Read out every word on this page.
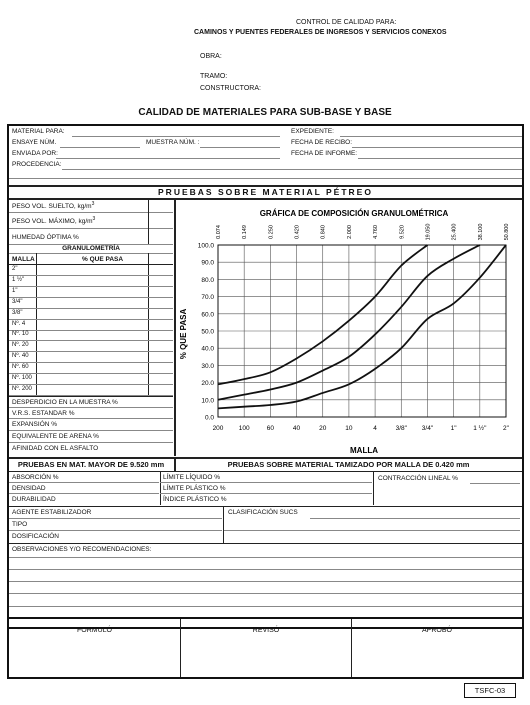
CONTROL DE CALIDAD PARA:
CAMINOS Y PUENTES FEDERALES DE INGRESOS Y SERVICIOS CONEXOS
OBRA:
TRAMO:
CONSTRUCTORA:
CALIDAD DE MATERIALES PARA SUB-BASE Y BASE
MATERIAL PARA:
ENSAYE NÚM.	MUESTRA NÚM. :
ENVIADA POR:
PROCEDENCIA:
EXPEDIENTE:
FECHA DE RECIBO:
FECHA DE INFORME:
PRUEBAS SOBRE MATERIAL PÉTREO
PESO VOL. SUELTO, $kg/m^3$
PESO VOL. MÁXIMO, $kg/m^3$
HUMEDAD ÓPTIMA %
GRANULOMETRÍA
MALLA	% QUE PASA
2"
1 ½"
1"
3/4"
3/8"
Nº. 4
Nº. 10
Nº. 20
Nº. 40
Nº. 60
Nº. 100
Nº. 200
DESPERDICIO EN LA MUESTRA %
V.R.S. ESTANDAR %
EXPANSIÓN %
EQUIVALENTE DE ARENA %
AFINIDAD CON EL ASFALTO
GRÁFICA DE COMPOSICIÓN GRANULOMÉTRICA
0.0
10.0
20.0
30.0
40.0
50.0
60.0
70.0
80.0
90.0
100.0
0.074	0.149	0.250	0.420	0.840	2.000	4.760	9.520	19.050	25.400	38.100	50.800
200 100	60	40	20	10	4	3/8" 3/4"	1"	1 ½"	2"
% QUE PASA
MALLA
PRUEBAS EN MAT. MAYOR DE 9.520 mm	PRUEBAS SOBRE MATERIAL TAMIZADO POR MALLA DE 0.420 mm
ABSORCIÓN %
DENSIDAD
DURABILIDAD
LÍMITE LÍQUIDO %
LÍMITE PLÁSTICO %
ÍNDICE PLÁSTICO %
CONTRACCIÓN LINEAL %
AGENTE ESTABILIZADOR
TIPO
DOSIFICACIÓN
CLASIFICACIÓN SUCS
OBSERVACIONES Y/O RECOMENDACIONES:
FORMULÓ	REVISÓ	APROBÓ
TSFC-03
